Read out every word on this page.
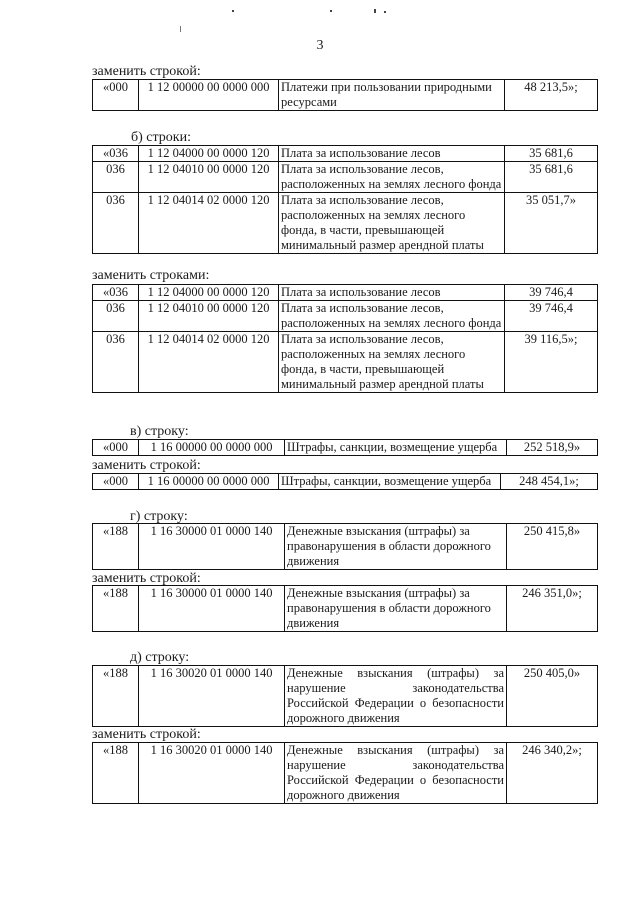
3
заменить строкой:
«000	1 12 00000 00 0000 000	Платежи при пользовании природными ресурсами	48 213,5»;
б) строки:
«036	1 12 04000 00 0000 120	Плата за использование лесов	35 681,6
036	1 12 04010 00 0000 120	Плата за использование лесов, расположенных на землях лесного фонда	35 681,6
036	1 12 04014 02 0000 120	Плата за использование лесов, расположенных на землях лесного фонда, в части, превышающей минимальный размер арендной платы	35 051,7»
заменить строками:
«036	1 12 04000 00 0000 120	Плата за использование лесов	39 746,4
036	1 12 04010 00 0000 120	Плата за использование лесов, расположенных на землях лесного фонда	39 746,4
036	1 12 04014 02 0000 120	Плата за использование лесов, расположенных на землях лесного фонда, в части, превышающей минимальный размер арендной платы	39 116,5»;
в) строку:
«000	1 16 00000 00 0000 000	Штрафы, санкции, возмещение ущерба	252 518,9»
заменить строкой:
«000	1 16 00000 00 0000 000	Штрафы, санкции, возмещение ущерба	248 454,1»;
г) строку:
«188	1 16 30000 01 0000 140	Денежные взыскания (штрафы) за правонарушения в области дорожного движения	250 415,8»
заменить строкой:
«188	1 16 30000 01 0000 140	Денежные взыскания (штрафы) за правонарушения в области дорожного движения	246 351,0»;
д) строку:
«188	1 16 30020 01 0000 140	Денежные взыскания (штрафы) за нарушение законодательства Российской Федерации о безопасности дорожного движения	250 405,0»
заменить строкой:
«188	1 16 30020 01 0000 140	Денежные взыскания (штрафы) за нарушение законодательства Российской Федерации о безопасности дорожного движения	246 340,2»;
